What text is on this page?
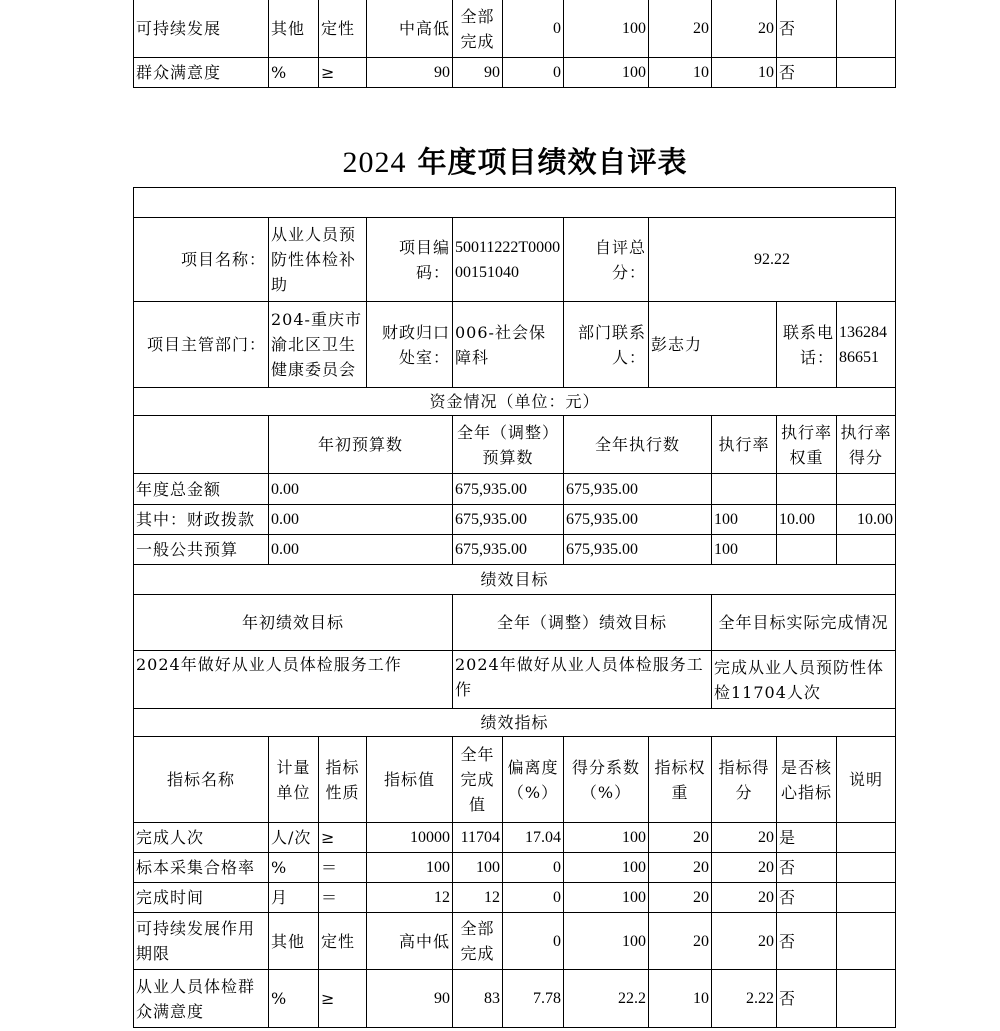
可持续发展	其他	定性	中高低	全部完成	0	100	20	20	否	
群众满意度	%	≥	90	90	0	100	10	10	否	
2024 年度项目绩效自评表

项目名称：	从业人员预防性体检补助		项目编码：	50011222T000000151040		自评总分：	92.22			
项目主管部门：	204-重庆市渝北区卫生健康委员会		财政归口处室：	006-社会保障科		部门联系人：	彭志力		联系电话：	13628486651
资金情况（单位：元）										
	年初预算数			全年（调整）预算数		全年执行数		执行率	执行率权重	执行率得分
年度总金额	0.00			675,935.00		675,935.00				
其中：财政拨款	0.00			675,935.00		675,935.00		100	10.00	10.00
一般公共预算	0.00			675,935.00		675,935.00		100		
绩效目标										
年初绩效目标				全年（调整）绩效目标				全年目标实际完成情况		
2024年做好从业人员体检服务工作				2024年做好从业人员体检服务工作				完成从业人员预防性体检11704人次		
绩效指标										
指标名称	计量单位	指标性质	指标值	全年完成值	偏离度（%）	得分系数（%）	指标权重	指标得分	是否核心指标	说明
完成人次	人/次	≥	10000	11704	17.04	100	20	20	是	
标本采集合格率	%	＝	100	100	0	100	20	20	否	
完成时间	月	＝	12	12	0	100	20	20	否	
可持续发展作用期限	其他	定性	高中低	全部完成	0	100	20	20	否	
从业人员体检群众满意度	%	≥	90	83	7.78	22.2	10	2.22	否	
